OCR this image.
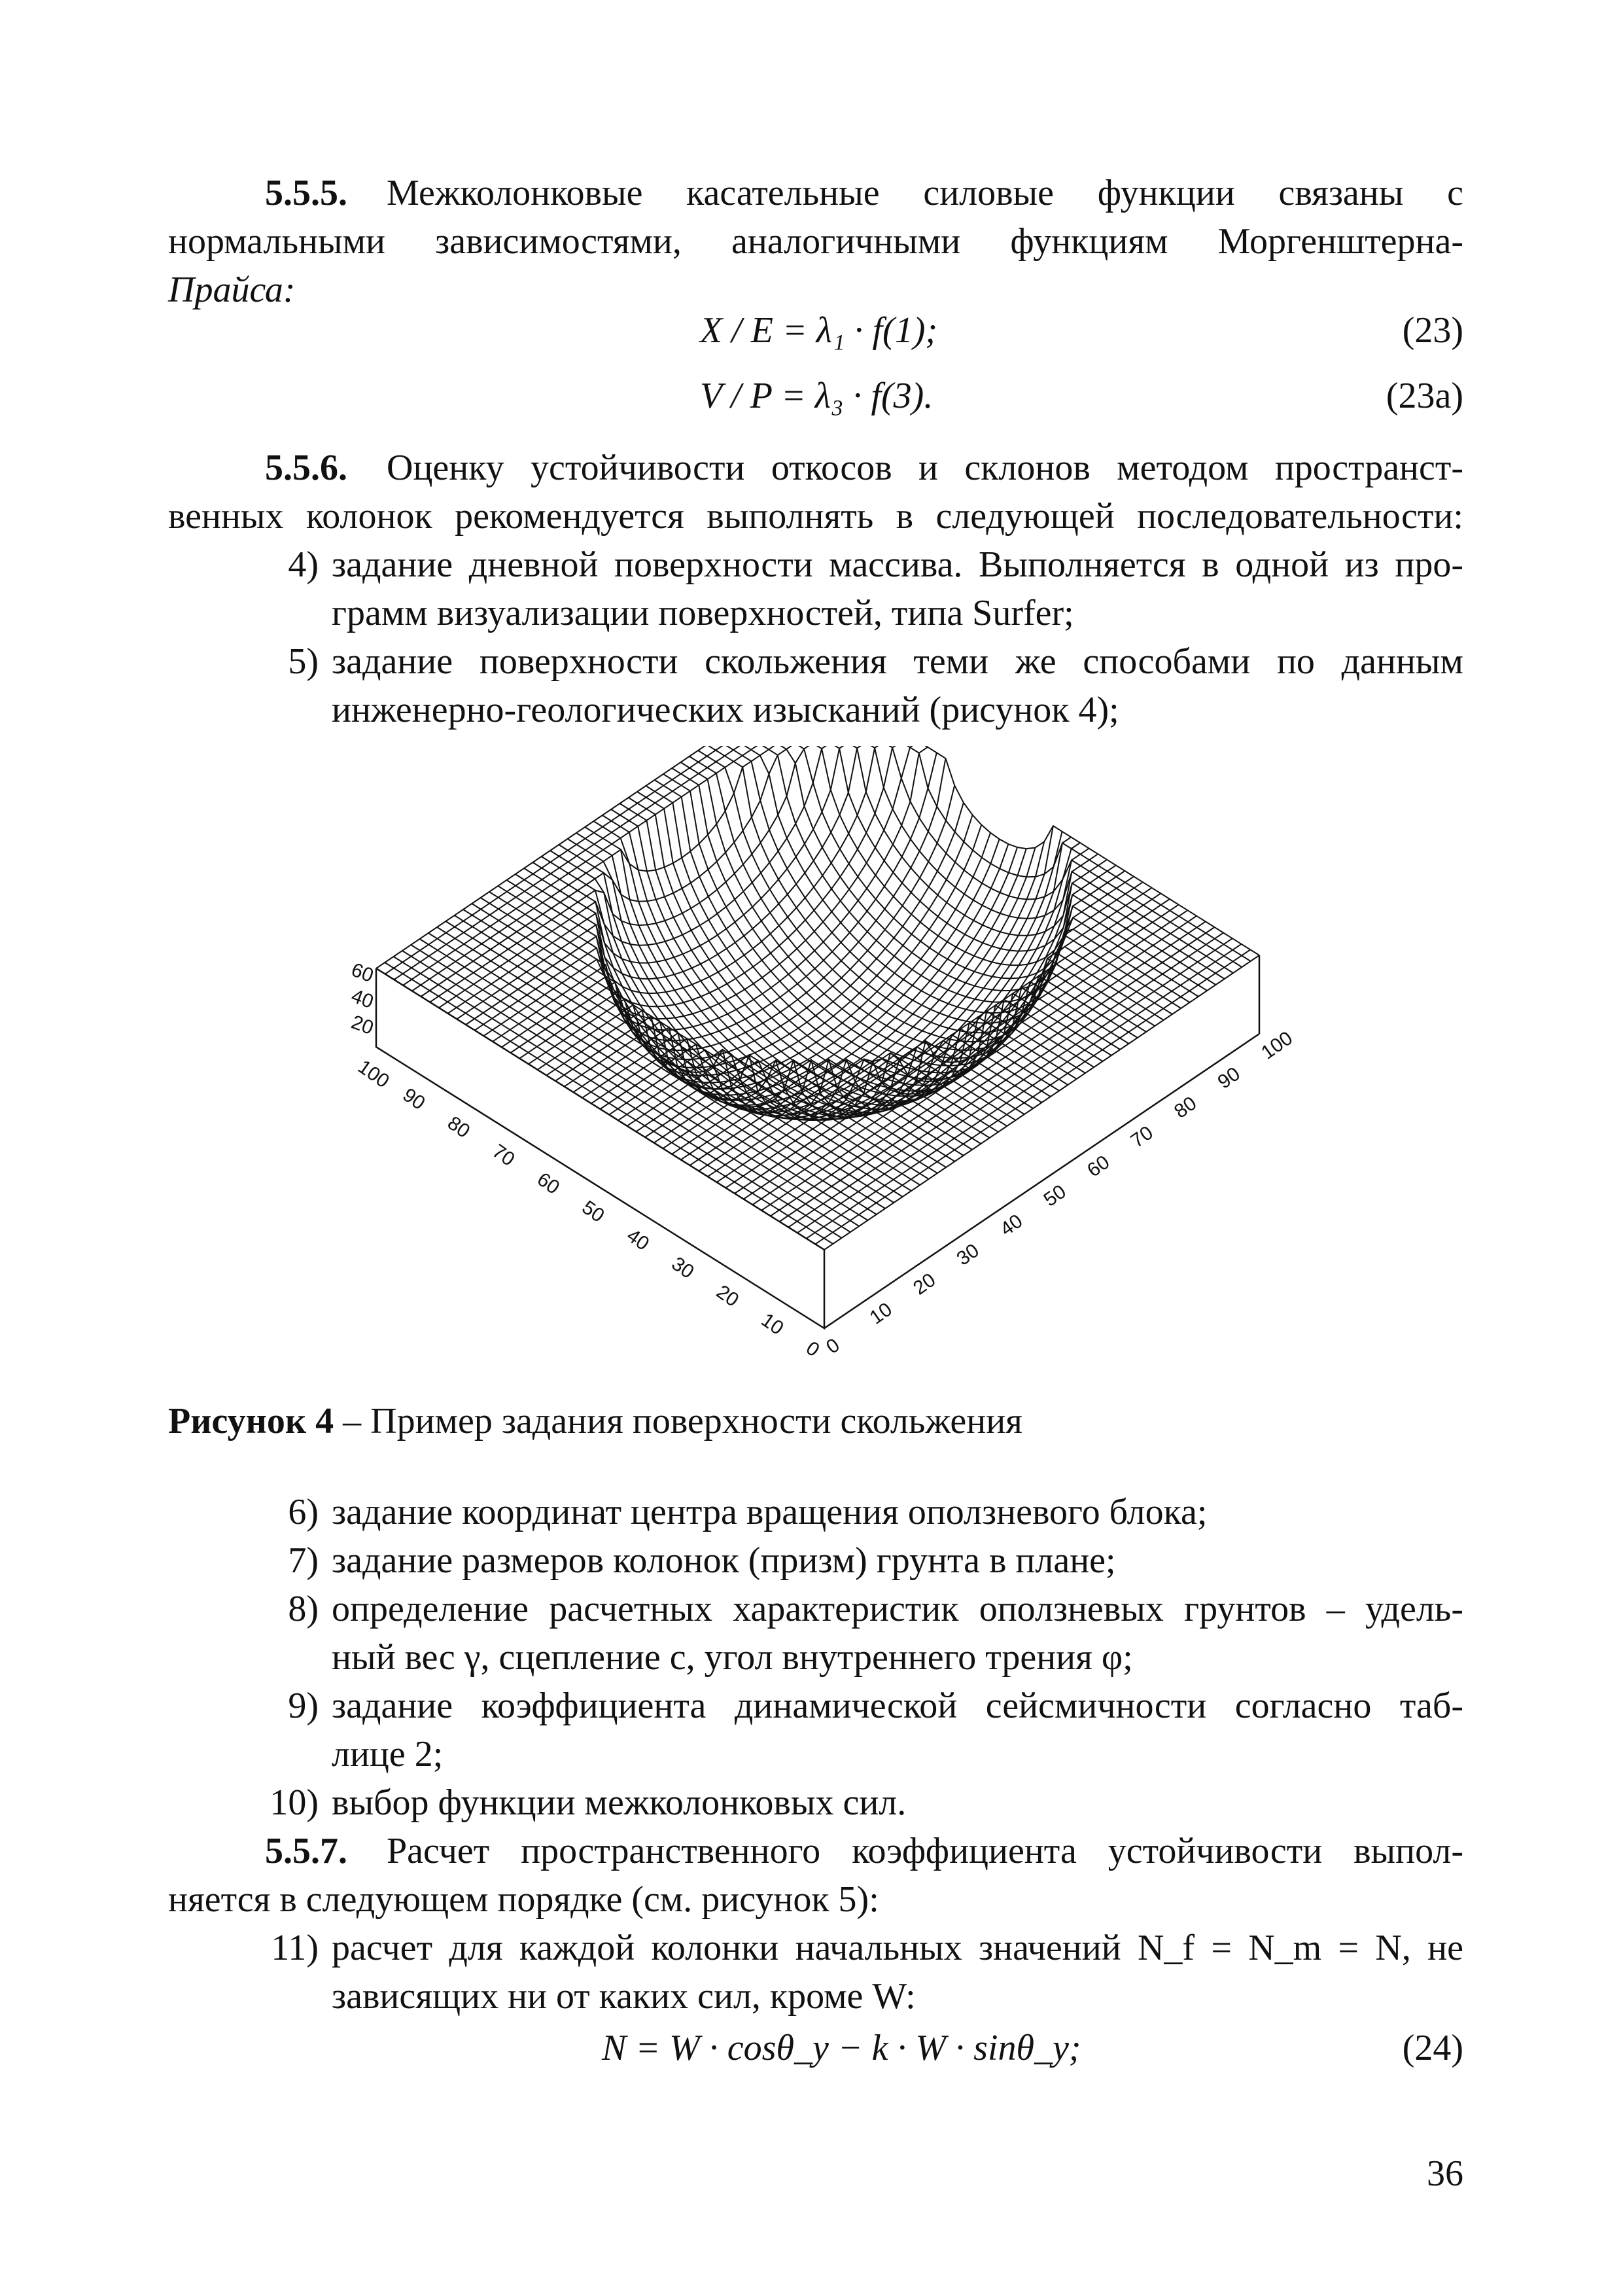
5.5.5. Межколонковые касательные силовые функции связаны с
нормальными зависимостями, аналогичными функциям Моргенштерна-
Прайса:
X / E = λ₁ · f(1);	(23)
V / P = λ₃ · f(3).	(23а)
5.5.6. Оценку устойчивости откосов и склонов методом пространст-
венных колонок рекомендуется выполнять в следующей последовательности:
4) задание дневной поверхности массива. Выполняется в одной из про-
грамм визуализации поверхностей, типа Surfer;
5) задание поверхности скольжения теми же способами по данным
инженерно-геологических изысканий (рисунок 4);
60
40
20
100
90
80
70
60
50
40
30
20
10
0
0
10
20
30
40
50
60
70
80
90
100
Рисунок 4 – Пример задания поверхности скольжения
6) задание координат центра вращения оползневого блока;
7) задание размеров колонок (призм) грунта в плане;
8) определение расчетных характеристик оползневых грунтов – удель-
ный вес γ, сцепление c, угол внутреннего трения φ;
9) задание коэффициента динамической сейсмичности согласно таб-
лице 2;
10) выбор функции межколонковых сил.
5.5.7. Расчет пространственного коэффициента устойчивости выпол-
няется в следующем порядке (см. рисунок 5):
11) расчет для каждой колонки начальных значений N_f = N_m = N, не
зависящих ни от каких сил, кроме W:
N = W · cosθ_y − k · W · sinθ_y;	(24)
36
